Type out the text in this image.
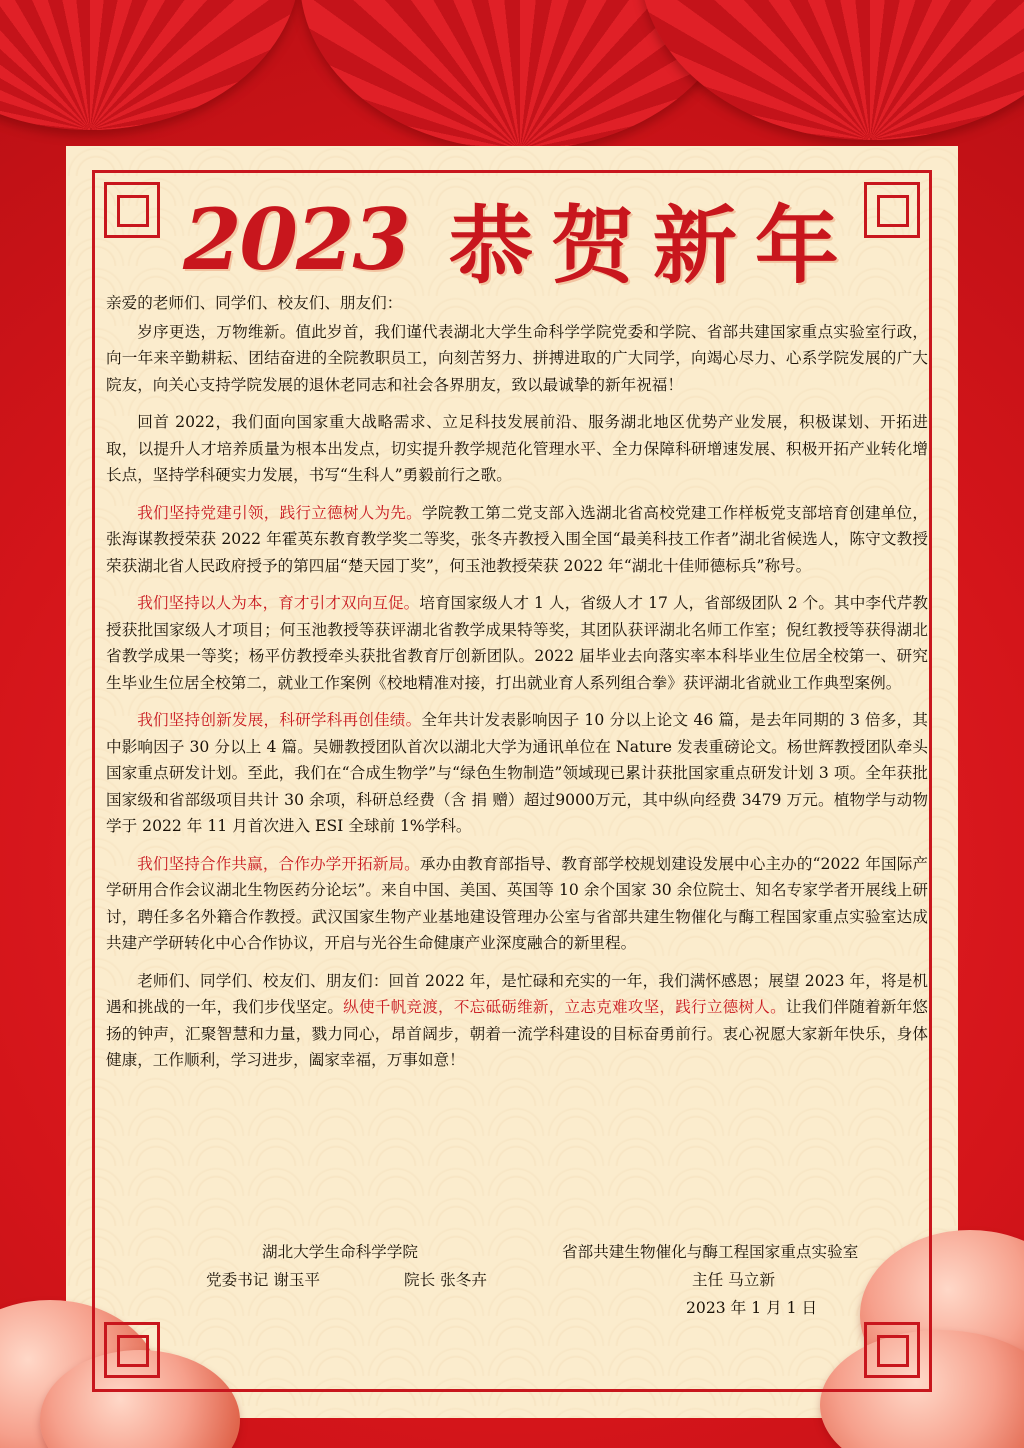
2023 恭贺新年

亲爱的老师们、同学们、校友们、朋友们：

岁序更迭，万物维新。值此岁首，我们谨代表湖北大学生命科学学院党委和学院、省部共建国家重点实验室行政，向一年来辛勤耕耘、团结奋进的全院教职员工，向刻苦努力、拼搏进取的广大同学，向竭心尽力、心系学院发展的广大院友，向关心支持学院发展的退休老同志和社会各界朋友，致以最诚挚的新年祝福！

回首 2022，我们面向国家重大战略需求、立足科技发展前沿、服务湖北地区优势产业发展，积极谋划、开拓进取，以提升人才培养质量为根本出发点，切实提升教学规范化管理水平、全力保障科研增速发展、积极开拓产业转化增长点，坚持学科硬实力发展，书写“生科人”勇毅前行之歌。

我们坚持党建引领，践行立德树人为先。学院教工第二党支部入选湖北省高校党建工作样板党支部培育创建单位，张海谋教授荣获 2022 年霍英东教育教学奖二等奖，张冬卉教授入围全国“最美科技工作者”湖北省候选人，陈守文教授荣获湖北省人民政府授予的第四届“楚天园丁奖”，何玉池教授荣获 2022 年“湖北十佳师德标兵”称号。

我们坚持以人为本，育才引才双向互促。培育国家级人才 1 人，省级人才 17 人，省部级团队 2 个。其中李代芹教授获批国家级人才项目；何玉池教授等获评湖北省教学成果特等奖，其团队获评湖北名师工作室；倪红教授等获得湖北省教学成果一等奖；杨平仿教授牵头获批省教育厅创新团队。2022 届毕业去向落实率本科毕业生位居全校第一、研究生毕业生位居全校第二，就业工作案例《校地精准对接，打出就业育人系列组合拳》获评湖北省就业工作典型案例。

我们坚持创新发展，科研学科再创佳绩。全年共计发表影响因子 10 分以上论文 46 篇，是去年同期的 3 倍多，其中影响因子 30 分以上 4 篇。吴姗教授团队首次以湖北大学为通讯单位在 Nature 发表重磅论文。杨世辉教授团队牵头国家重点研发计划。至此，我们在“合成生物学”与“绿色生物制造”领域现已累计获批国家重点研发计划 3 项。全年获批国家级和省部级项目共计 30 余项，科研总经费（含 捐 赠）超过9000万元，其中纵向经费 3479 万元。植物学与动物学于 2022 年 11 月首次进入 ESI 全球前 1%学科。

我们坚持合作共赢，合作办学开拓新局。承办由教育部指导、教育部学校规划建设发展中心主办的“2022 年国际产学研用合作会议湖北生物医药分论坛”。来自中国、美国、英国等 10 余个国家 30 余位院士、知名专家学者开展线上研讨，聘任多名外籍合作教授。武汉国家生物产业基地建设管理办公室与省部共建生物催化与酶工程国家重点实验室达成共建产学研转化中心合作协议，开启与光谷生命健康产业深度融合的新里程。

老师们、同学们、校友们、朋友们：回首 2022 年，是忙碌和充实的一年，我们满怀感恩；展望 2023 年，将是机遇和挑战的一年，我们步伐坚定。纵使千帆竞渡，不忘砥砺维新，立志克难攻坚，践行立德树人。让我们伴随着新年悠扬的钟声，汇聚智慧和力量，戮力同心，昂首阔步，朝着一流学科建设的目标奋勇前行。衷心祝愿大家新年快乐，身体健康，工作顺利，学习进步，阖家幸福，万事如意！

湖北大学生命科学学院
党委书记 谢玉平	院长 张冬卉
省部共建生物催化与酶工程国家重点实验室
主任 马立新
2023 年 1 月 1 日
